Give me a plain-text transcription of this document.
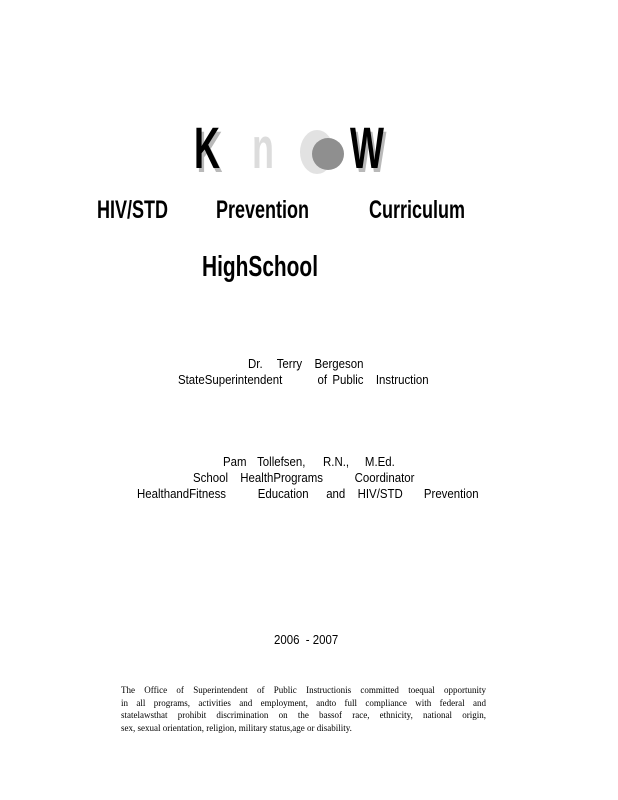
K n W
HIV/STD Prevention Curriculum
HighSchool
Dr. Terry Bergeson
StateSuperintendent	of Public Instruction
Pam Tollefsen, R.N., M.Ed.
School HealthPrograms Coordinator
HealthandFitness Education and HIV/STD Prevention
2006  - 2007
The Office of Superintendent of Public Instructionis committed toequal opportunity
in all programs, activities and employment, andto full compliance with federal and
statelawsthat prohibit discrimination on the bassof race, ethnicity, national origin,
sex, sexual orientation, religion, military status,age or disability.
